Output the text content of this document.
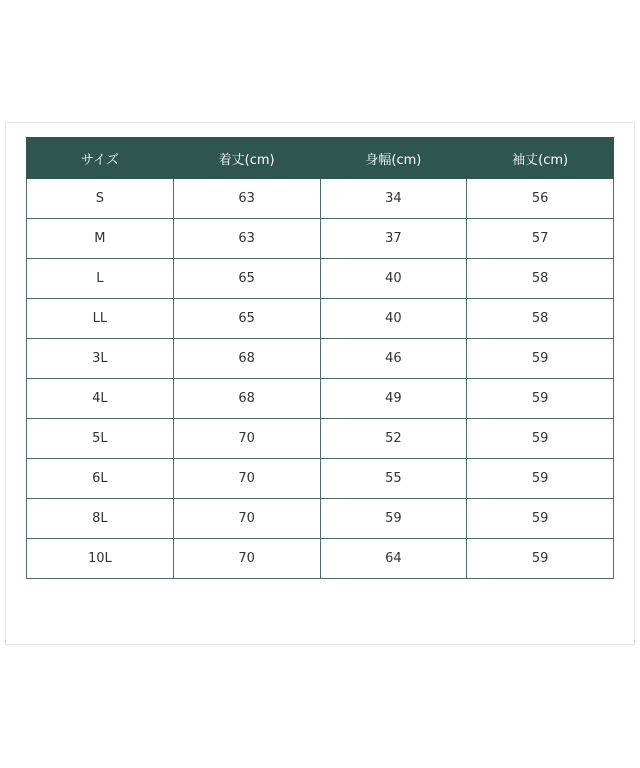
サイズ	着丈(cm)	身幅(cm)	袖丈(cm)
S	63	34	56
M	63	37	57
L	65	40	58
LL	65	40	58
3L	68	46	59
4L	68	49	59
5L	70	52	59
6L	70	55	59
8L	70	59	59
10L	70	64	59
